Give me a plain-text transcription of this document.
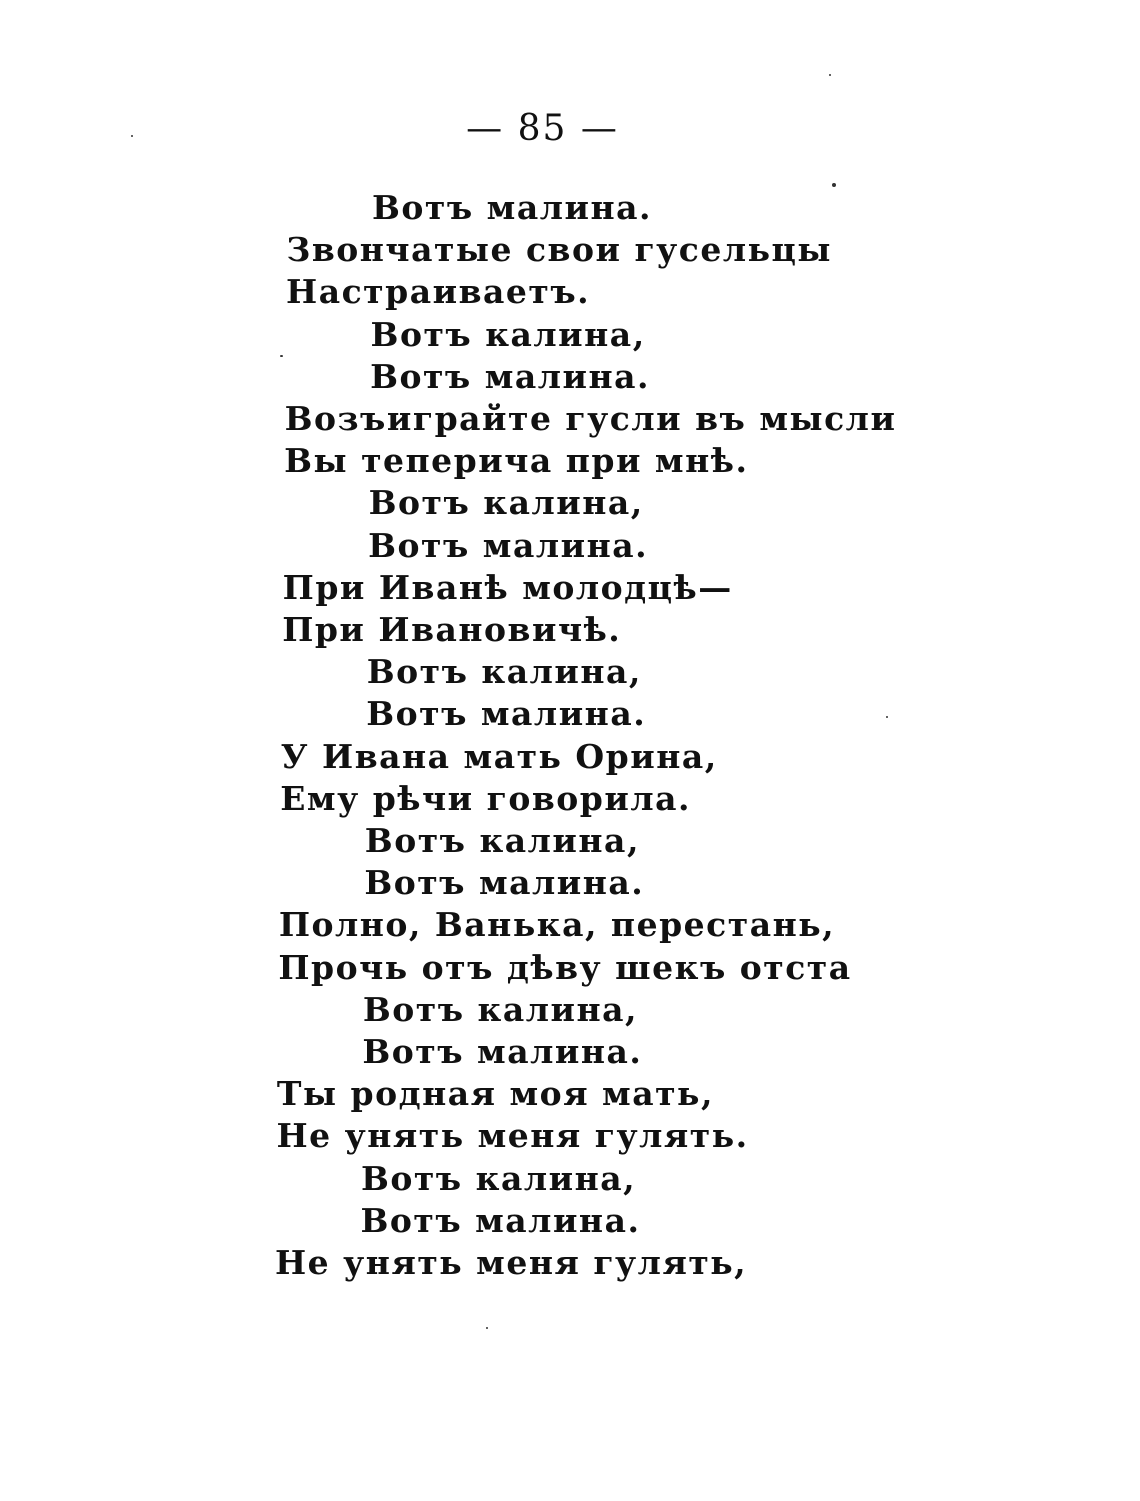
— 85 —
Вотъ малина.
Звончатые свои гусельцы
Настраиваетъ.
Вотъ калина,
Вотъ малина.
Возъиграйте гусли въ мысли
Вы теперича при мнѣ.
Вотъ калина,
Вотъ малина.
При Иванѣ молодцѣ—
При Ивановичѣ.
Вотъ калина,
Вотъ малина.
У Ивана мать Орина,
Ему рѣчи говорила.
Вотъ калина,
Вотъ малина.
Полно, Ванька, перестань,
Прочь отъ дѣву шекъ отста
Вотъ калина,
Вотъ малина.
Ты родная моя мать,
Не унять меня гулять.
Вотъ калина,
Вотъ малина.
Не унять меня гулять,
